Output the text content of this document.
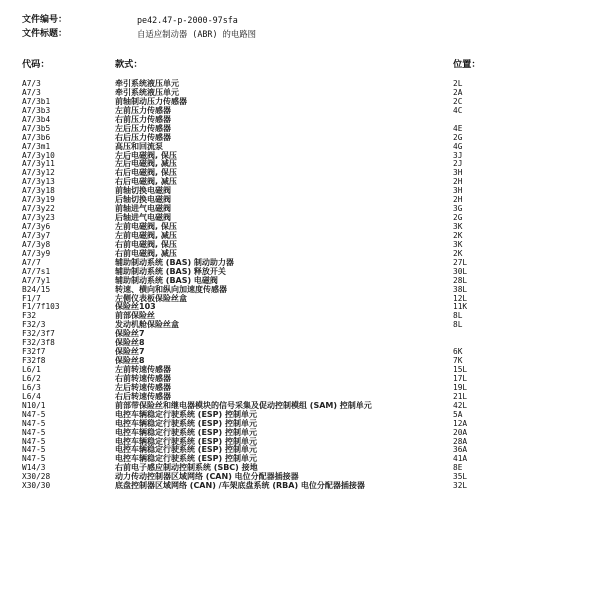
文件编号：	pe42.47-p-2000-97sfa
文件标题：	自适应制动器 (ABR) 的电路图
代码：	款式：	位置：
A7/3	牵引系统液压单元	2L
A7/3	牵引系统液压单元	2A
A7/3b1	前轴制动压力传感器	2C
A7/3b3	左前压力传感器	4C
A7/3b4	右前压力传感器
A7/3b5	左后压力传感器	4E
A7/3b6	右后压力传感器	2G
A7/3m1	高压和回流泵	4G
A7/3y10	左后电磁阀, 保压	3J
A7/3y11	左后电磁阀, 减压	2J
A7/3y12	右后电磁阀, 保压	3H
A7/3y13	右后电磁阀, 减压	2H
A7/3y18	前轴切换电磁阀	3H
A7/3y19	后轴切换电磁阀	2H
A7/3y22	前轴进气电磁阀	3G
A7/3y23	后轴进气电磁阀	2G
A7/3y6	左前电磁阀, 保压	3K
A7/3y7	左前电磁阀, 减压	2K
A7/3y8	右前电磁阀, 保压	3K
A7/3y9	右前电磁阀, 减压	2K
A7/7	辅助制动系统 (BAS) 制动助力器	27L
A7/7s1	辅助制动系统 (BAS) 释放开关	30L
A7/7y1	辅助制动系统 (BAS) 电磁阀	28L
B24/15	转速、横向和纵向加速度传感器	38L
F1/7	左侧仪表板保险丝盒	12L
F1/7f103	保险丝103	11K
F32	前部保险丝	8L
F32/3	发动机舱保险丝盒	8L
F32/3f7	保险丝7
F32/3f8	保险丝8
F32f7	保险丝7	6K
F32f8	保险丝8	7K
L6/1	左前转速传感器	15L
L6/2	右前转速传感器	17L
L6/3	左后转速传感器	19L
L6/4	右后转速传感器	21L
N10/1	前部带保险丝和继电器模块的信号采集及促动控制模组 (SAM) 控制单元	42L
N47-5	电控车辆稳定行驶系统 (ESP) 控制单元	5A
N47-5	电控车辆稳定行驶系统 (ESP) 控制单元	12A
N47-5	电控车辆稳定行驶系统 (ESP) 控制单元	20A
N47-5	电控车辆稳定行驶系统 (ESP) 控制单元	28A
N47-5	电控车辆稳定行驶系统 (ESP) 控制单元	36A
N47-5	电控车辆稳定行驶系统 (ESP) 控制单元	41A
W14/3	右前电子感应制动控制系统 (SBC) 接地	8E
X30/28	动力传动控制器区域网络 (CAN) 电位分配器插接器	35L
X30/30	底盘控制器区域网络 (CAN) /车架底盘系统 (RBA) 电位分配器插接器	32L
